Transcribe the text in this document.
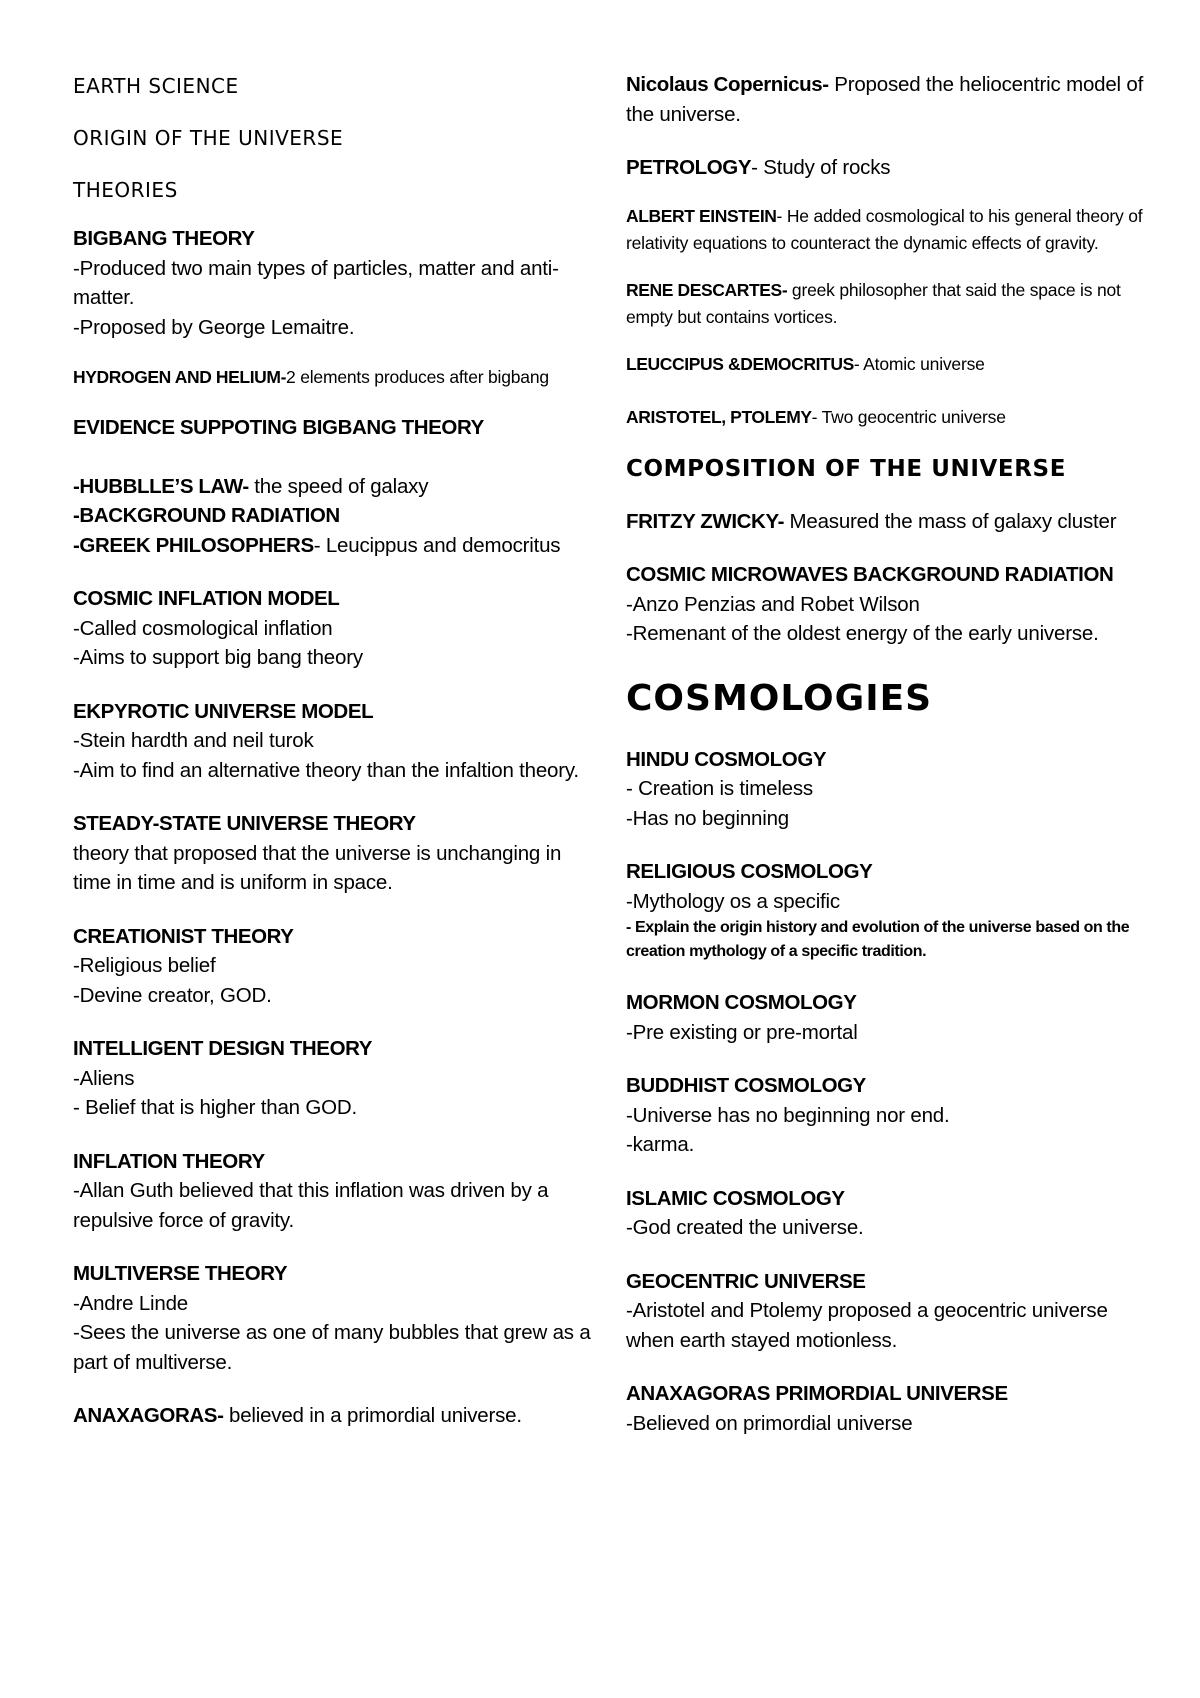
EARTH SCIENCE
ORIGIN OF THE UNIVERSE
THEORIES
BIGBANG THEORY
-Produced two main types of particles, matter and anti-matter.
-Proposed by George Lemaitre.
HYDROGEN AND HELIUM-2 elements produces after bigbang
EVIDENCE SUPPOTING BIGBANG THEORY
-HUBBLLE’S LAW- the speed of galaxy
-BACKGROUND RADIATION
-GREEK PHILOSOPHERS- Leucippus and democritus
COSMIC INFLATION MODEL
-Called cosmological inflation
-Aims to support big bang theory
EKPYROTIC UNIVERSE MODEL
-Stein hardth and neil turok
-Aim to find an alternative theory than the infaltion theory.
STEADY-STATE UNIVERSE THEORY
theory that proposed that the universe is unchanging in time in time and is uniform in space.
CREATIONIST THEORY
-Religious belief
-Devine creator, GOD.
INTELLIGENT DESIGN THEORY
-Aliens
- Belief that is higher than GOD.
INFLATION THEORY
-Allan Guth believed that this inflation was driven by a repulsive force of gravity.
MULTIVERSE THEORY
-Andre Linde
-Sees the universe as one of many bubbles that grew as a part of multiverse.
ANAXAGORAS- believed in a primordial universe.
Nicolaus Copernicus- Proposed the heliocentric model of the universe.
PETROLOGY- Study of rocks
ALBERT EINSTEIN- He added cosmological to his general theory of relativity equations to counteract the dynamic effects of gravity.
RENE DESCARTES- greek philosopher that said the space is not empty but contains vortices.
LEUCCIPUS &DEMOCRITUS- Atomic universe
ARISTOTEL, PTOLEMY- Two geocentric universe
COMPOSITION OF THE UNIVERSE
FRITZY ZWICKY- Measured the mass of galaxy cluster
COSMIC MICROWAVES BACKGROUND RADIATION
-Anzo Penzias and Robet Wilson
-Remenant of the oldest energy of the early universe.
COSMOLOGIES
HINDU COSMOLOGY
- Creation is timeless
-Has no beginning
RELIGIOUS COSMOLOGY
-Mythology os a specific
- Explain the origin history and evolution of the universe based on the creation mythology of a specific tradition.
MORMON COSMOLOGY
-Pre existing or pre-mortal
BUDDHIST COSMOLOGY
-Universe has no beginning nor end.
-karma.
ISLAMIC COSMOLOGY
-God created the universe.
GEOCENTRIC UNIVERSE
-Aristotel and Ptolemy proposed a geocentric universe when earth stayed motionless.
ANAXAGORAS PRIMORDIAL UNIVERSE
-Believed on primordial universe
